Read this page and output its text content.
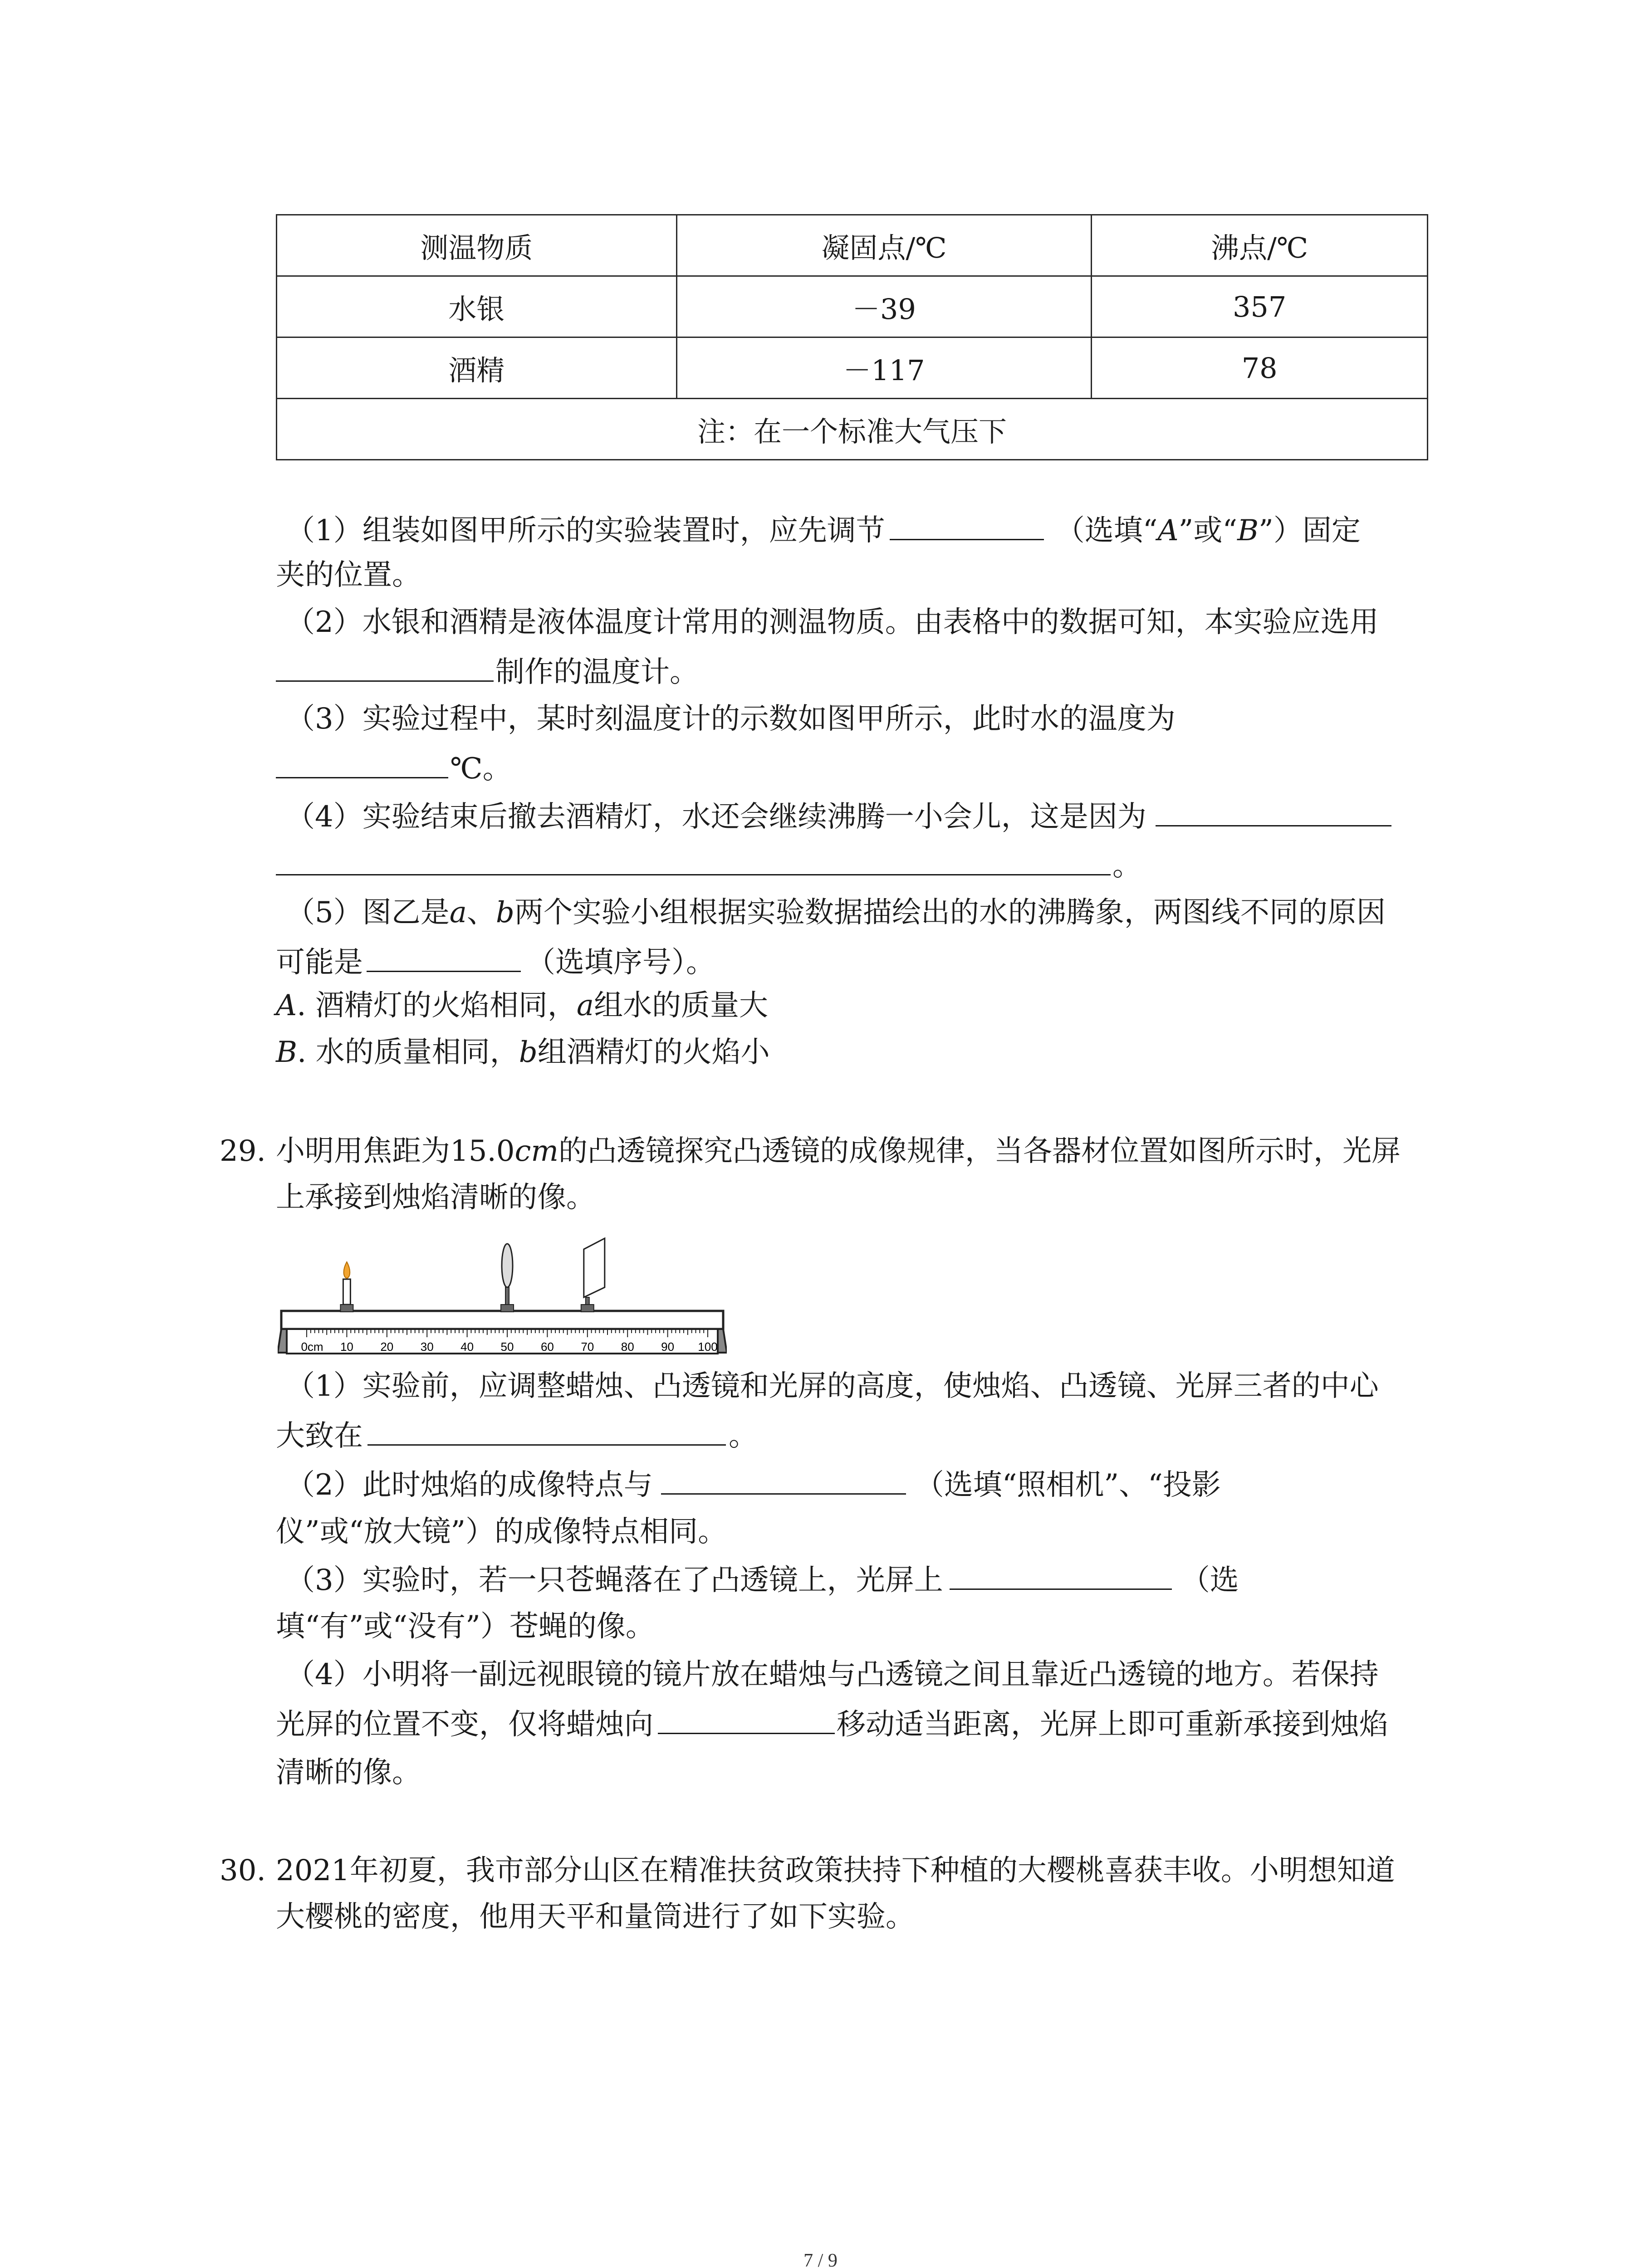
测温物质	凝固点/℃	沸点/℃
水银	－39	357
酒精	－117	78
注：在一个标准大气压下		
（1）组装如图甲所示的实验装置时，应先调节	（选填“A”或“B”）固定
夹的位置。
（2）水银和酒精是液体温度计常用的测温物质。由表格中的数据可知，本实验应选用
制作的温度计。
（3）实验过程中，某时刻温度计的示数如图甲所示，此时水的温度为
℃。
（4）实验结束后撤去酒精灯，水还会继续沸腾一小会儿，这是因为
。
（5）图乙是a、b两个实验小组根据实验数据描绘出的水的沸腾象，两图线不同的原因
可能是	（选填序号）。
A. 酒精灯的火焰相同，a组水的质量大
B. 水的质量相同，b组酒精灯的火焰小
29. 小明用焦距为15.0cm的凸透镜探究凸透镜的成像规律，当各器材位置如图所示时，光屏
上承接到烛焰清晰的像。
0cm 10 20 30 40 50 60 70 80 90 100
（1）实验前，应调整蜡烛、凸透镜和光屏的高度，使烛焰、凸透镜、光屏三者的中心
大致在	。
（2）此时烛焰的成像特点与	（选填“照相机”、“投影
仪”或“放大镜”）的成像特点相同。
（3）实验时，若一只苍蝇落在了凸透镜上，光屏上	（选
填“有”或“没有”）苍蝇的像。
（4）小明将一副远视眼镜的镜片放在蜡烛与凸透镜之间且靠近凸透镜的地方。若保持
光屏的位置不变，仅将蜡烛向	移动适当距离，光屏上即可重新承接到烛焰
清晰的像。
30. 2021年初夏，我市部分山区在精准扶贫政策扶持下种植的大樱桃喜获丰收。小明想知道
大樱桃的密度，他用天平和量筒进行了如下实验。
7 / 9
